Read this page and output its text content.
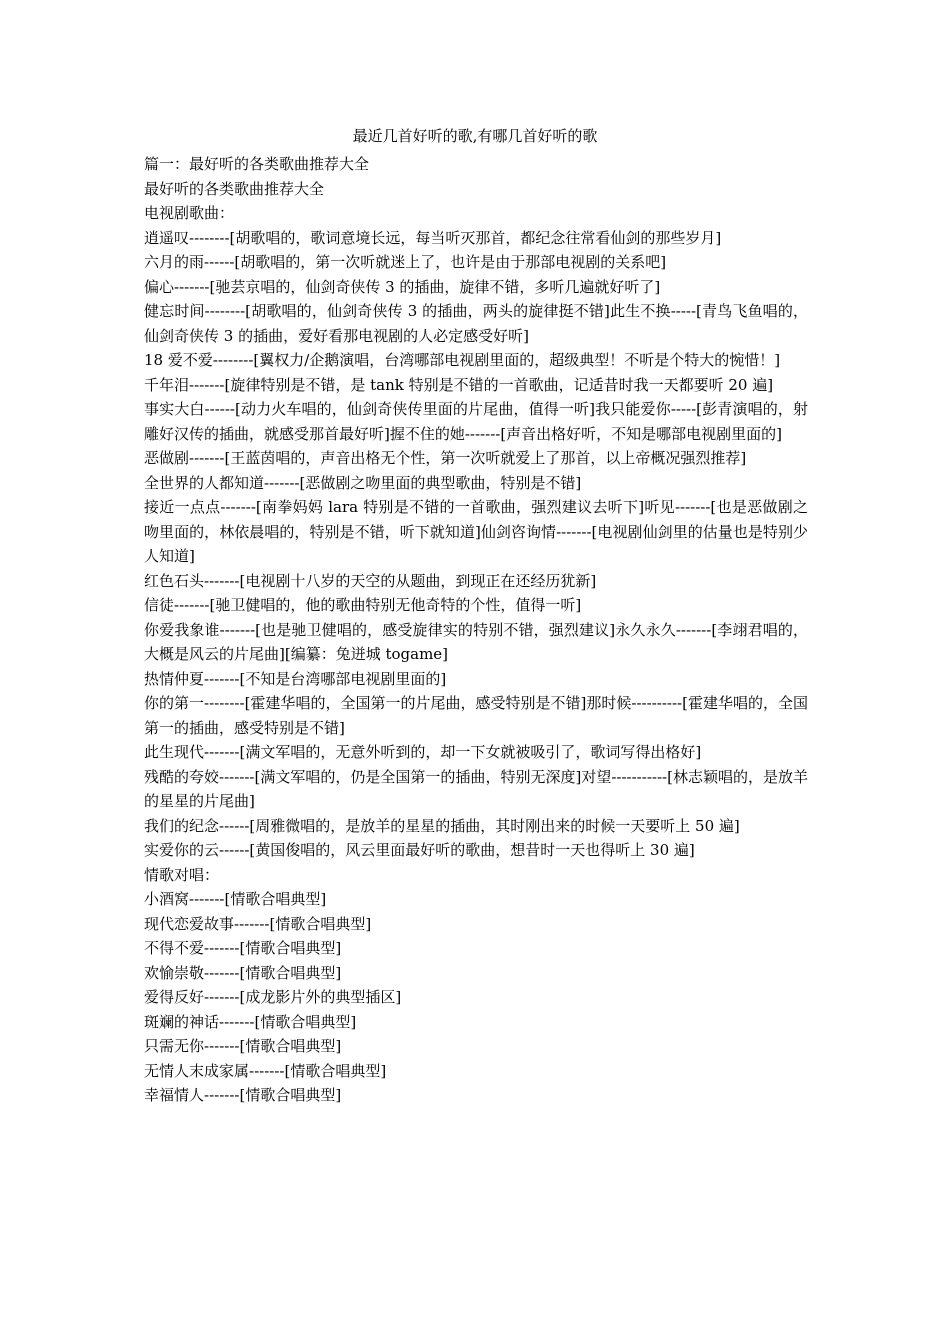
最近几首好听的歌,有哪几首好听的歌

篇一：最好听的各类歌曲推荐大全

最好听的各类歌曲推荐大全

电视剧歌曲：

逍遥叹--------[胡歌唱的，歌词意境长远，每当听灭那首，都纪念往常看仙剑的那些岁月]

六月的雨------[胡歌唱的，第一次听就迷上了，也许是由于那部电视剧的关系吧]

偏心-------[驰芸京唱的，仙剑奇侠传 3 的插曲，旋律不错，多听几遍就好听了]

健忘时间--------[胡歌唱的，仙剑奇侠传 3 的插曲，两头的旋律挺不错]此生不换-----[青鸟飞鱼唱的，仙剑奇侠传 3 的插曲，爱好看那电视剧的人必定感受好听]

18 爱不爱--------[翼权力/企鹅演唱，台湾哪部电视剧里面的，超级典型！不听是个特大的惋惜！]

千年泪-------[旋律特别是不错，是 tank 特别是不错的一首歌曲，记适昔时我一天都要听 20 遍]

事实大白------[动力火车唱的，仙剑奇侠传里面的片尾曲，值得一听]我只能爱你-----[彭青演唱的，射雕好汉传的插曲，就感受那首最好听]握不住的她-------[声音出格好听，不知是哪部电视剧里面的]

恶做剧-------[王蓝茵唱的，声音出格无个性，第一次听就爱上了那首，以上帝概况强烈推荐]

全世界的人都知道-------[恶做剧之吻里面的典型歌曲，特别是不错]

接近一点点-------[南拳妈妈 lara 特别是不错的一首歌曲，强烈建议去听下]听见-------[也是恶做剧之吻里面的，林依晨唱的，特别是不错，听下就知道]仙剑咨询情-------[电视剧仙剑里的估量也是特别少人知道]

红色石头-------[电视剧十八岁的天空的从题曲，到现正在还经历犹新]

信徒-------[驰卫健唱的，他的歌曲特别无他奇特的个性，值得一听]

你爱我象谁-------[也是驰卫健唱的，感受旋律实的特别不错，强烈建议]永久永久-------[李翊君唱的，大概是风云的片尾曲][编纂：兔迸城 togame]

热情仲夏-------[不知是台湾哪部电视剧里面的]

你的第一--------[霍建华唱的，全国第一的片尾曲，感受特别是不错]那时候----------[霍建华唱的，全国第一的插曲，感受特别是不错]

此生现代-------[满文军唱的，无意外听到的，却一下女就被吸引了，歌词写得出格好]

残酷的夸姣-------[满文军唱的，仍是全国第一的插曲，特别无深度]对望-----------[林志颖唱的，是放羊的星星的片尾曲]

我们的纪念------[周雅微唱的，是放羊的星星的插曲，其时刚出来的时候一天要听上 50 遍]

实爱你的云------[黄国俊唱的，风云里面最好听的歌曲，想昔时一天也得听上 30 遍]

情歌对唱：

小酒窝-------[情歌合唱典型]

现代恋爱故事-------[情歌合唱典型]

不得不爱-------[情歌合唱典型]

欢愉崇敬-------[情歌合唱典型]

爱得反好-------[成龙影片外的典型插区]

斑斓的神话-------[情歌合唱典型]

只需无你-------[情歌合唱典型]

无情人末成家属-------[情歌合唱典型]

幸福情人-------[情歌合唱典型]
